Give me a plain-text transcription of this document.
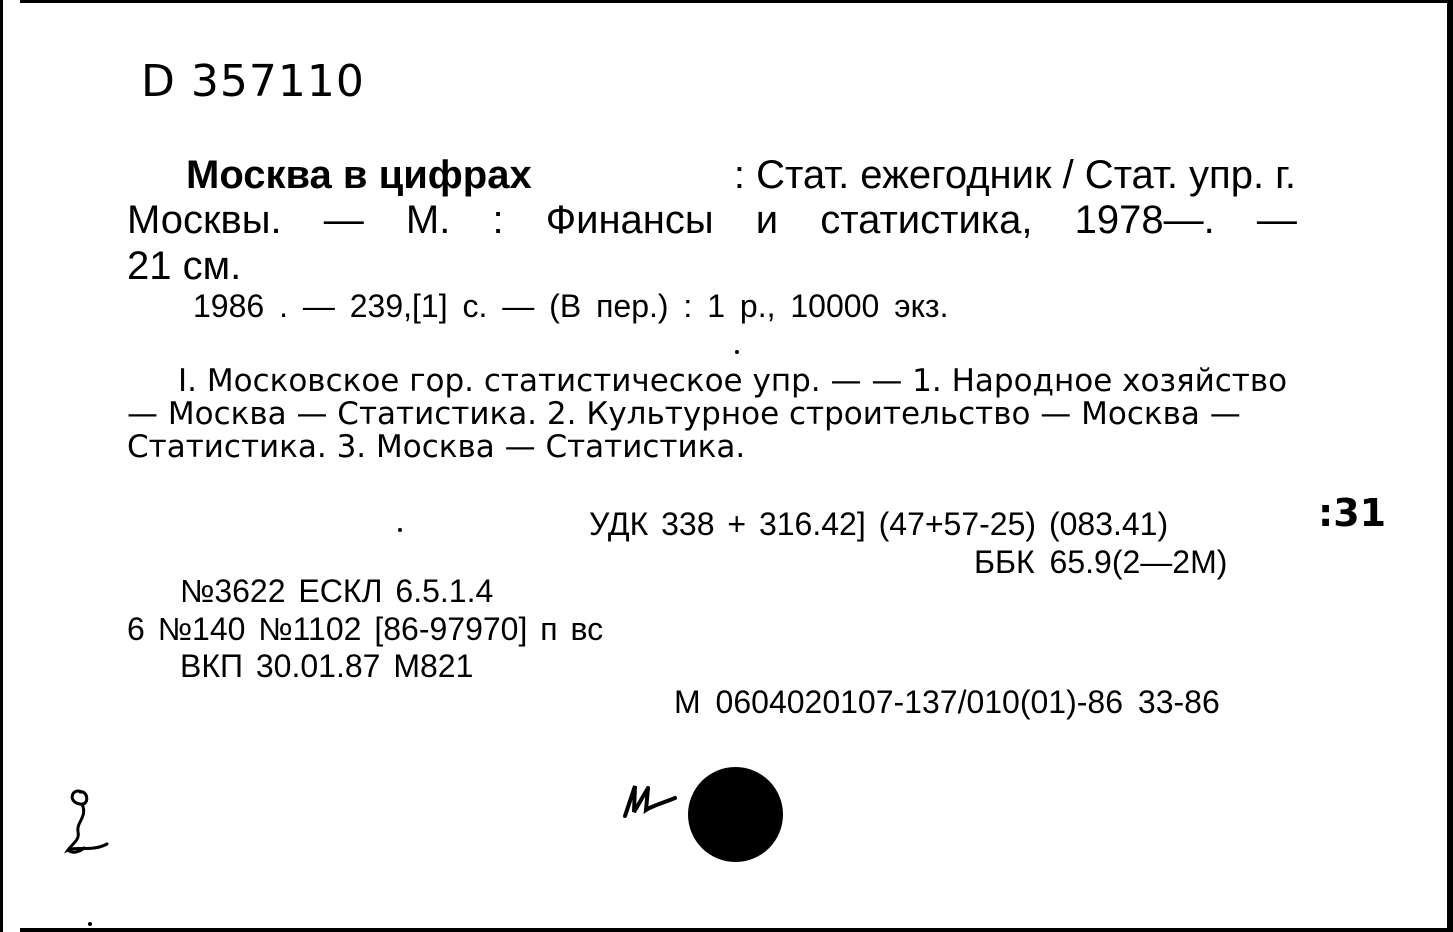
D 357110
Москва в цифрах	: Стат. ежегодник / Стат. упр. г.
Москвы. — М. : Финансы и статистика, 1978—. —
21 см.
1986 . — 239,[1] с. — (В пер.) : 1 р., 10000 экз.
I. Московское гор. статистическое упр. — — 1. Народное хозяйство
— Москва — Статистика. 2. Культурное строительство — Москва —
Статистика. 3. Москва — Статистика.
УДК 338 + 316.42] (47+57-25) (083.41)	:31
ББК 65.9(2—2М)
№3622 ЕСКЛ 6.5.1.4
6 №140 №1102 [86-97970] п вс
ВКП 30.01.87 М821
М 0604020107-137/010(01)-86 33-86
